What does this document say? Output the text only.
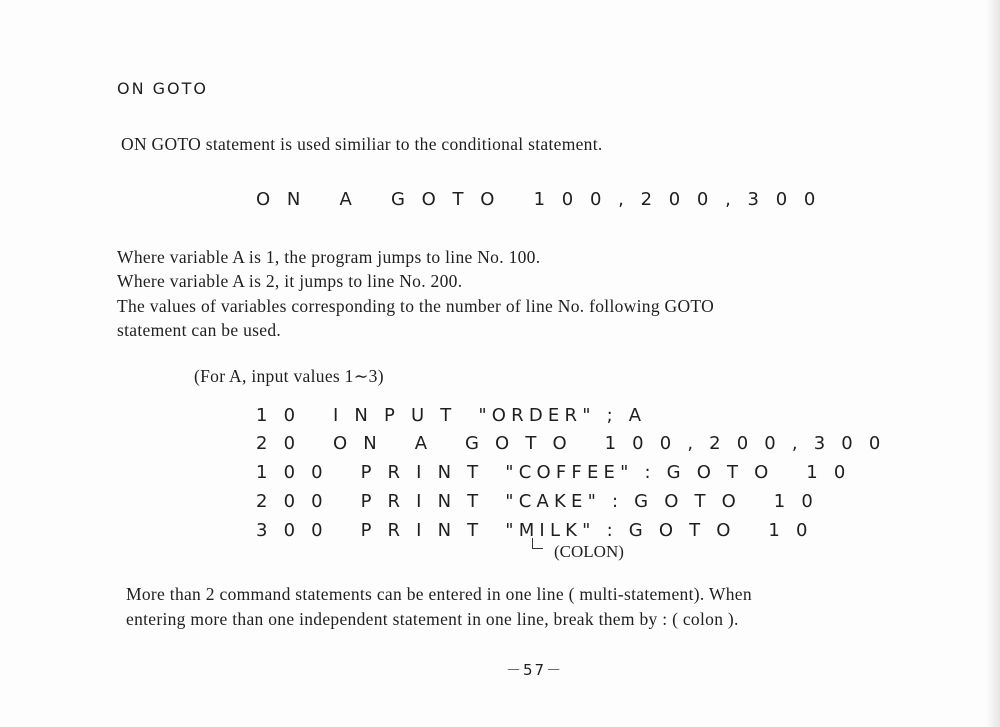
ON GOTO
ON GOTO statement is used similiar to the conditional statement.
O N   A   G O T O   1 0 0 , 2 0 0 , 3 0 0
Where variable A is 1, the program jumps to line No. 100.
Where variable A is 2, it jumps to line No. 200.
The values of variables corresponding to the number of line No. following GOTO
statement can be used.
(For A, input values 1∼3)
1 0   I N P U T  "ORDER" ; A
2 0   O N   A   G O T O   1 0 0 , 2 0 0 , 3 0 0
1 0 0   P R I N T  "COFFEE" : G O T O   1 0
2 0 0   P R I N T  "CAKE" : G O T O   1 0
3 0 0   P R I N T  "MILK" : G O T O   1 0
(COLON)
More than 2 command statements can be entered in one line ( multi-statement). When
entering more than one independent statement in one line, break them by : ( colon ).
－57－
